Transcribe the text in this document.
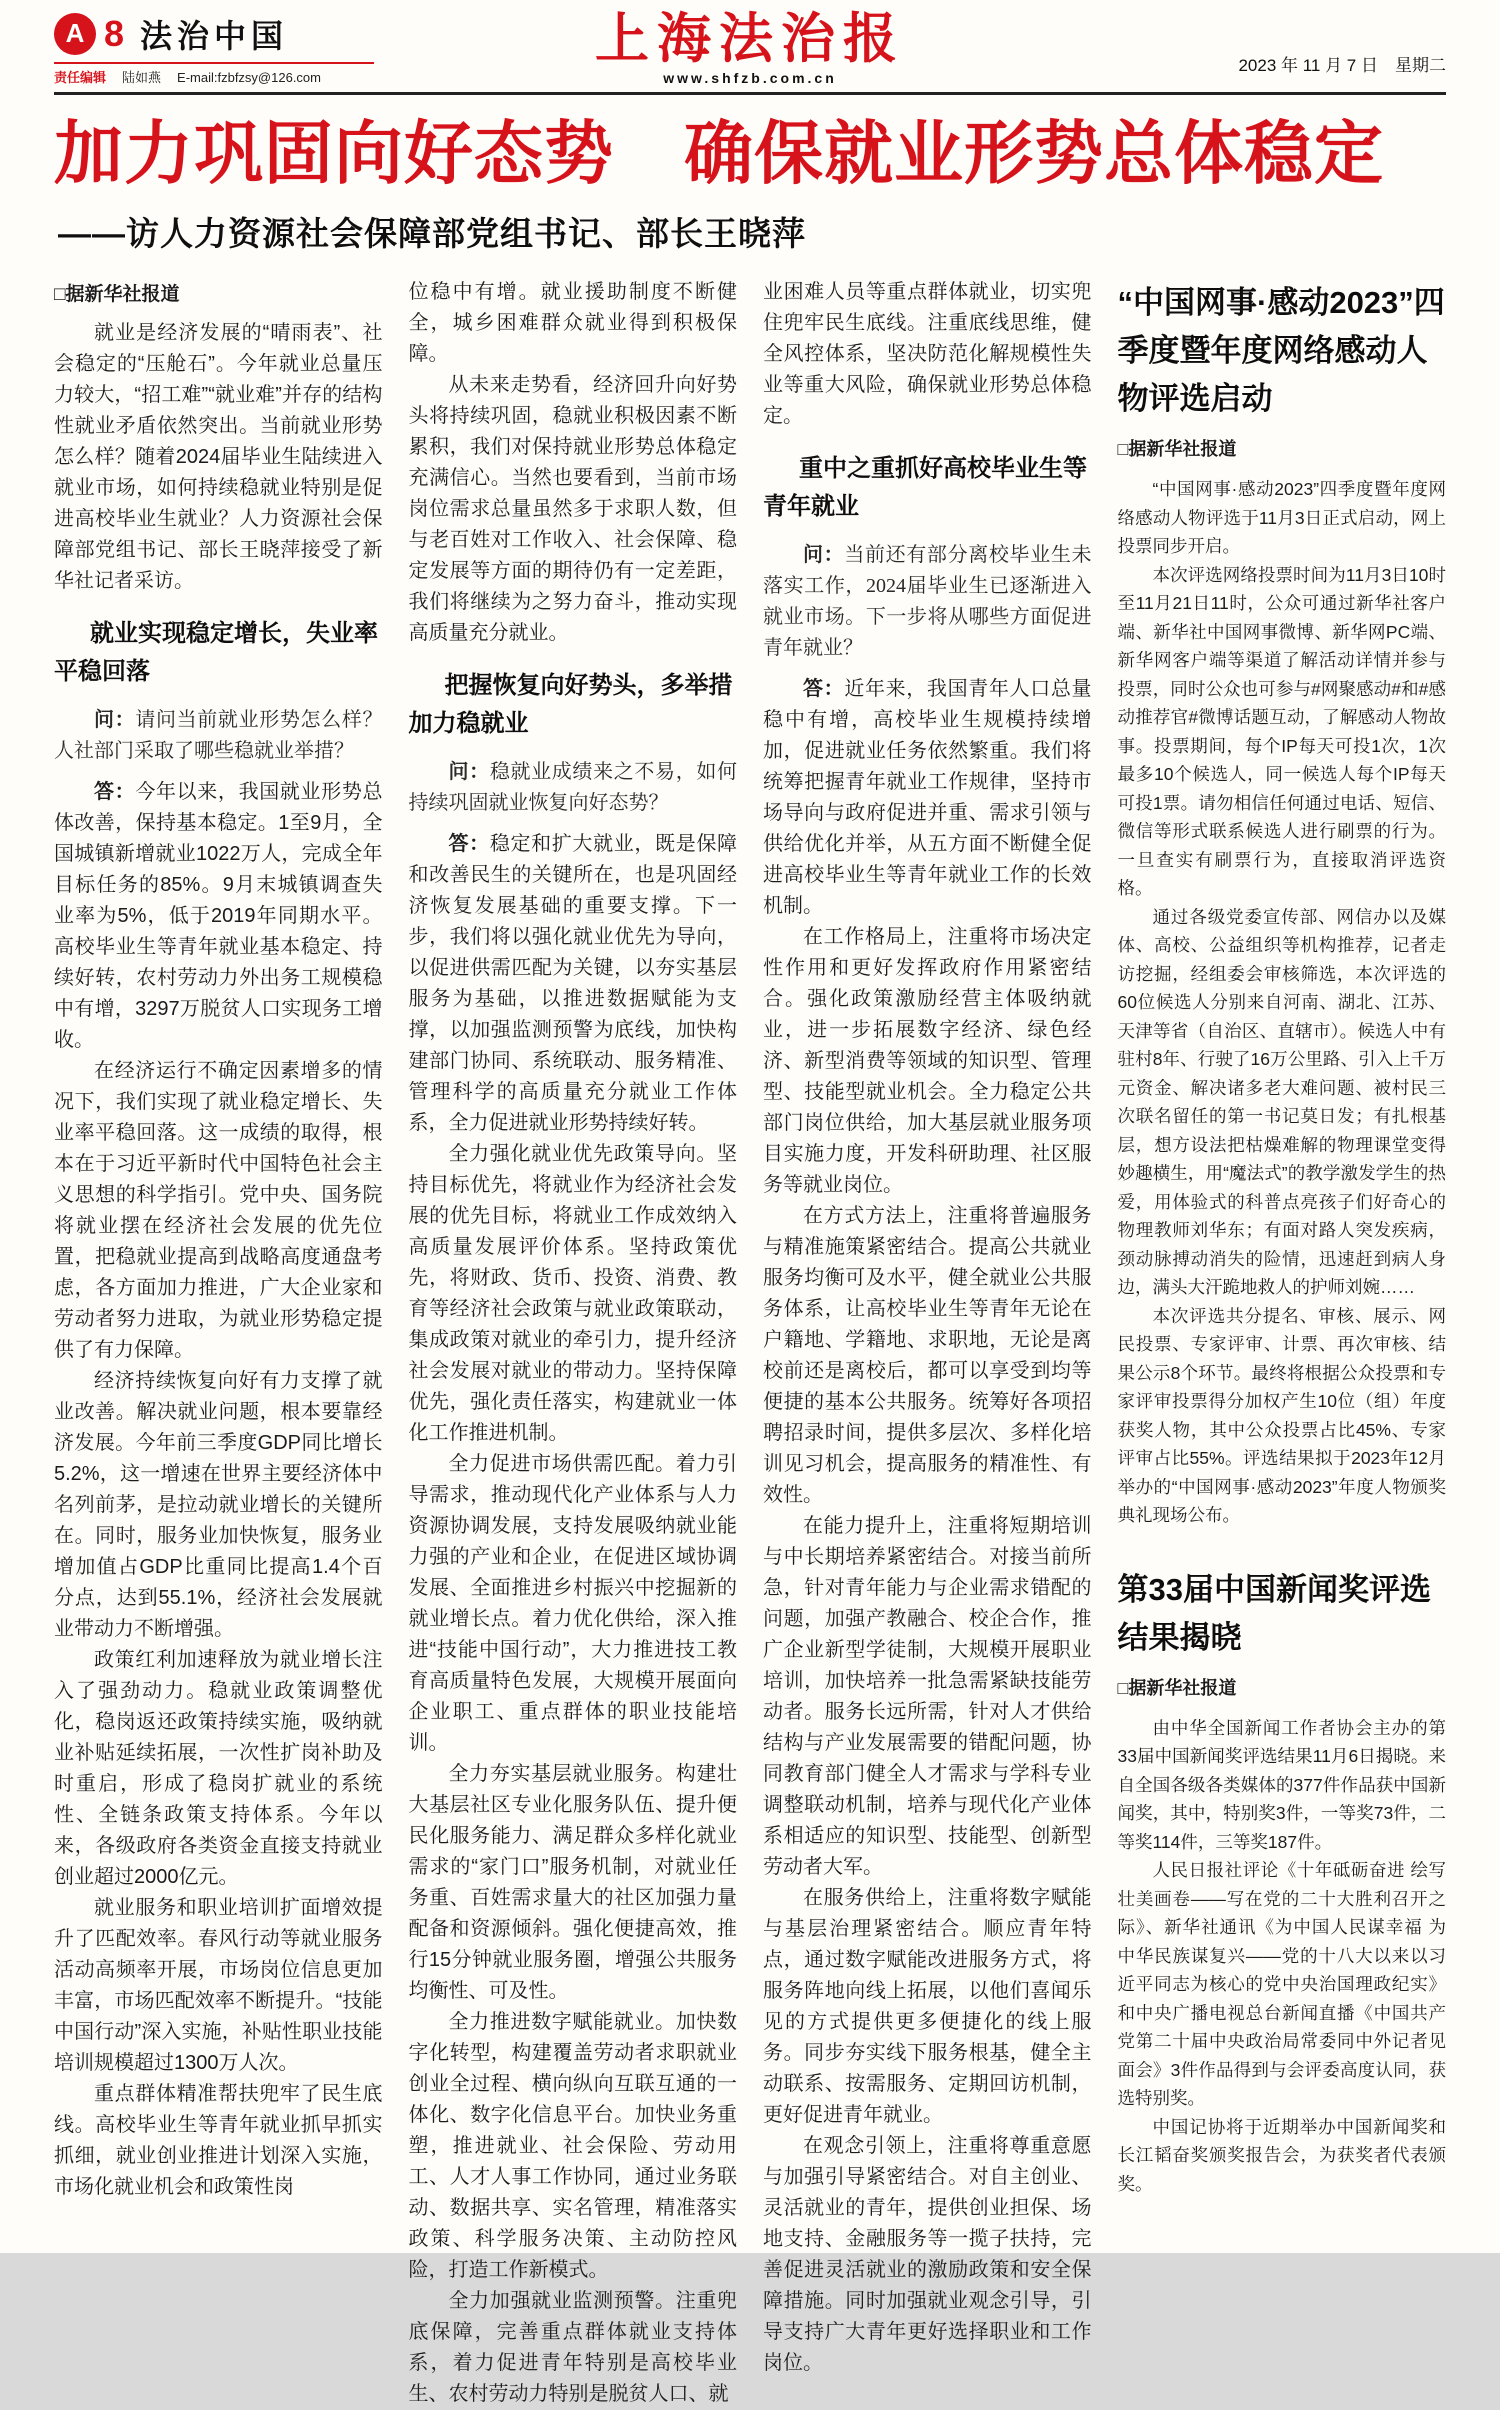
A 8 法治中国
责任编辑 陆如燕 E-mail:fzbfzsy@126.com
上海法治报
www.shfzb.com.cn
2023 年 11 月 7 日　星期二
加力巩固向好态势　确保就业形势总体稳定
——访人力资源社会保障部党组书记、部长王晓萍

□据新华社报道

就业是经济发展的“晴雨表”、社会稳定的“压舱石”。今年就业总量压力较大，“招工难”“就业难”并存的结构性就业矛盾依然突出。当前就业形势怎么样？随着2024届毕业生陆续进入就业市场，如何持续稳就业特别是促进高校毕业生就业？人力资源社会保障部党组书记、部长王晓萍接受了新华社记者采访。

就业实现稳定增长，失业率平稳回落

问：请问当前就业形势怎么样？人社部门采取了哪些稳就业举措？

答：今年以来，我国就业形势总体改善，保持基本稳定。1至9月，全国城镇新增就业1022万人，完成全年目标任务的85%。9月末城镇调查失业率为5%，低于2019年同期水平。高校毕业生等青年就业基本稳定、持续好转，农村劳动力外出务工规模稳中有增，3297万脱贫人口实现务工增收。

在经济运行不确定因素增多的情况下，我们实现了就业稳定增长、失业率平稳回落。这一成绩的取得，根本在于习近平新时代中国特色社会主义思想的科学指引。党中央、国务院将就业摆在经济社会发展的优先位置，把稳就业提高到战略高度通盘考虑，各方面加力推进，广大企业家和劳动者努力进取，为就业形势稳定提供了有力保障。

经济持续恢复向好有力支撑了就业改善。解决就业问题，根本要靠经济发展。今年前三季度GDP同比增长5.2%，这一增速在世界主要经济体中名列前茅，是拉动就业增长的关键所在。同时，服务业加快恢复，服务业增加值占GDP比重同比提高1.4个百分点，达到55.1%，经济社会发展就业带动力不断增强。

政策红利加速释放为就业增长注入了强劲动力。稳就业政策调整优化，稳岗返还政策持续实施，吸纳就业补贴延续拓展，一次性扩岗补助及时重启，形成了稳岗扩就业的系统性、全链条政策支持体系。今年以来，各级政府各类资金直接支持就业创业超过2000亿元。

就业服务和职业培训扩面增效提升了匹配效率。春风行动等就业服务活动高频率开展，市场岗位信息更加丰富，市场匹配效率不断提升。“技能中国行动”深入实施，补贴性职业技能培训规模超过1300万人次。

重点群体精准帮扶兜牢了民生底线。高校毕业生等青年就业抓早抓实抓细，就业创业推进计划深入实施，市场化就业机会和政策性岗

位稳中有增。就业援助制度不断健全，城乡困难群众就业得到积极保障。

从未来走势看，经济回升向好势头将持续巩固，稳就业积极因素不断累积，我们对保持就业形势总体稳定充满信心。当然也要看到，当前市场岗位需求总量虽然多于求职人数，但与老百姓对工作收入、社会保障、稳定发展等方面的期待仍有一定差距，我们将继续为之努力奋斗，推动实现高质量充分就业。

把握恢复向好势头，多举措加力稳就业

问：稳就业成绩来之不易，如何持续巩固就业恢复向好态势？

答：稳定和扩大就业，既是保障和改善民生的关键所在，也是巩固经济恢复发展基础的重要支撑。下一步，我们将以强化就业优先为导向，以促进供需匹配为关键，以夯实基层服务为基础，以推进数据赋能为支撑，以加强监测预警为底线，加快构建部门协同、系统联动、服务精准、管理科学的高质量充分就业工作体系，全力促进就业形势持续好转。

全力强化就业优先政策导向。坚持目标优先，将就业作为经济社会发展的优先目标，将就业工作成效纳入高质量发展评价体系。坚持政策优先，将财政、货币、投资、消费、教育等经济社会政策与就业政策联动，集成政策对就业的牵引力，提升经济社会发展对就业的带动力。坚持保障优先，强化责任落实，构建就业一体化工作推进机制。

全力促进市场供需匹配。着力引导需求，推动现代化产业体系与人力资源协调发展，支持发展吸纳就业能力强的产业和企业，在促进区域协调发展、全面推进乡村振兴中挖掘新的就业增长点。着力优化供给，深入推进“技能中国行动”，大力推进技工教育高质量特色发展，大规模开展面向企业职工、重点群体的职业技能培训。

全力夯实基层就业服务。构建壮大基层社区专业化服务队伍、提升便民化服务能力、满足群众多样化就业需求的“家门口”服务机制，对就业任务重、百姓需求量大的社区加强力量配备和资源倾斜。强化便捷高效，推行15分钟就业服务圈，增强公共服务均衡性、可及性。

全力推进数字赋能就业。加快数字化转型，构建覆盖劳动者求职就业创业全过程、横向纵向互联互通的一体化、数字化信息平台。加快业务重塑，推进就业、社会保险、劳动用工、人才人事工作协同，通过业务联动、数据共享、实名管理，精准落实政策、科学服务决策、主动防控风险，打造工作新模式。

全力加强就业监测预警。注重兜底保障，完善重点群体就业支持体系，着力促进青年特别是高校毕业生、农村劳动力特别是脱贫人口、就

业困难人员等重点群体就业，切实兜住兜牢民生底线。注重底线思维，健全风控体系，坚决防范化解规模性失业等重大风险，确保就业形势总体稳定。

重中之重抓好高校毕业生等青年就业

问：当前还有部分离校毕业生未落实工作，2024届毕业生已逐渐进入就业市场。下一步将从哪些方面促进青年就业？

答：近年来，我国青年人口总量稳中有增，高校毕业生规模持续增加，促进就业任务依然繁重。我们将统筹把握青年就业工作规律，坚持市场导向与政府促进并重、需求引领与供给优化并举，从五方面不断健全促进高校毕业生等青年就业工作的长效机制。

在工作格局上，注重将市场决定性作用和更好发挥政府作用紧密结合。强化政策激励经营主体吸纳就业，进一步拓展数字经济、绿色经济、新型消费等领域的知识型、管理型、技能型就业机会。全力稳定公共部门岗位供给，加大基层就业服务项目实施力度，开发科研助理、社区服务等就业岗位。

在方式方法上，注重将普遍服务与精准施策紧密结合。提高公共就业服务均衡可及水平，健全就业公共服务体系，让高校毕业生等青年无论在户籍地、学籍地、求职地，无论是离校前还是离校后，都可以享受到均等便捷的基本公共服务。统筹好各项招聘招录时间，提供多层次、多样化培训见习机会，提高服务的精准性、有效性。

在能力提升上，注重将短期培训与中长期培养紧密结合。对接当前所急，针对青年能力与企业需求错配的问题，加强产教融合、校企合作，推广企业新型学徒制，大规模开展职业培训，加快培养一批急需紧缺技能劳动者。服务长远所需，针对人才供给结构与产业发展需要的错配问题，协同教育部门健全人才需求与学科专业调整联动机制，培养与现代化产业体系相适应的知识型、技能型、创新型劳动者大军。

在服务供给上，注重将数字赋能与基层治理紧密结合。顺应青年特点，通过数字赋能改进服务方式，将服务阵地向线上拓展，以他们喜闻乐见的方式提供更多便捷化的线上服务。同步夯实线下服务根基，健全主动联系、按需服务、定期回访机制，更好促进青年就业。

在观念引领上，注重将尊重意愿与加强引导紧密结合。对自主创业、灵活就业的青年，提供创业担保、场地支持、金融服务等一揽子扶持，完善促进灵活就业的激励政策和安全保障措施。同时加强就业观念引导，引导支持广大青年更好选择职业和工作岗位。

“中国网事·感动2023”四季度暨年度网络感动人物评选启动

□据新华社报道

“中国网事·感动2023”四季度暨年度网络感动人物评选于11月3日正式启动，网上投票同步开启。

本次评选网络投票时间为11月3日10时至11月21日11时，公众可通过新华社客户端、新华社中国网事微博、新华网PC端、新华网客户端等渠道了解活动详情并参与投票，同时公众也可参与#网聚感动#和#感动推荐官#微博话题互动，了解感动人物故事。投票期间，每个IP每天可投1次，1次最多10个候选人，同一候选人每个IP每天可投1票。请勿相信任何通过电话、短信、微信等形式联系候选人进行刷票的行为。一旦查实有刷票行为，直接取消评选资格。

通过各级党委宣传部、网信办以及媒体、高校、公益组织等机构推荐，记者走访挖掘，经组委会审核筛选，本次评选的60位候选人分别来自河南、湖北、江苏、天津等省（自治区、直辖市）。候选人中有驻村8年、行驶了16万公里路、引入上千万元资金、解决诸多老大难问题、被村民三次联名留任的第一书记莫日发；有扎根基层，想方设法把枯燥难解的物理课堂变得妙趣横生，用“魔法式”的教学激发学生的热爱，用体验式的科普点亮孩子们好奇心的物理教师刘华东；有面对路人突发疾病，颈动脉搏动消失的险情，迅速赶到病人身边，满头大汗跪地救人的护师刘婉……

本次评选共分提名、审核、展示、网民投票、专家评审、计票、再次审核、结果公示8个环节。最终将根据公众投票和专家评审投票得分加权产生10位（组）年度获奖人物，其中公众投票占比45%、专家评审占比55%。评选结果拟于2023年12月举办的“中国网事·感动2023”年度人物颁奖典礼现场公布。

第33届中国新闻奖评选结果揭晓

□据新华社报道

由中华全国新闻工作者协会主办的第33届中国新闻奖评选结果11月6日揭晓。来自全国各级各类媒体的377件作品获中国新闻奖，其中，特别奖3件，一等奖73件，二等奖114件，三等奖187件。

人民日报社评论《十年砥砺奋进 绘写壮美画卷——写在党的二十大胜利召开之际》、新华社通讯《为中国人民谋幸福 为中华民族谋复兴——党的十八大以来以习近平同志为核心的党中央治国理政纪实》和中央广播电视总台新闻直播《中国共产党第二十届中央政治局常委同中外记者见面会》3件作品得到与会评委高度认同，获选特别奖。

中国记协将于近期举办中国新闻奖和长江韬奋奖颁奖报告会，为获奖者代表颁奖。
